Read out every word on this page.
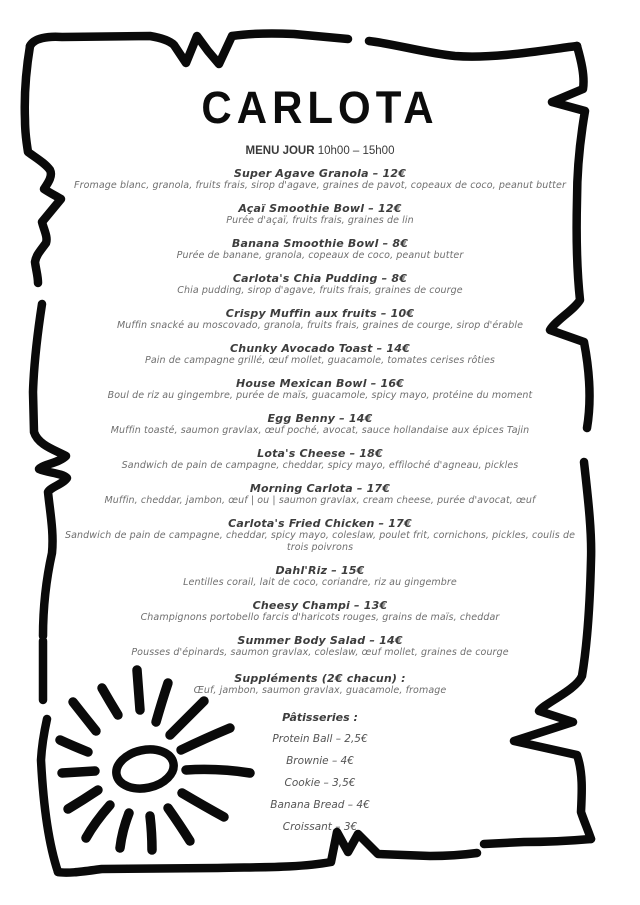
CARLOTA
MENU JOUR 10h00 – 15h00
Super Agave Granola – 12€
Fromage blanc, granola, fruits frais, sirop d'agave, graines de pavot, copeaux de coco, peanut butter
Açaï Smoothie Bowl – 12€
Purée d'açaï, fruits frais, graines de lin
Banana Smoothie Bowl – 8€
Purée de banane, granola, copeaux de coco, peanut butter
Carlota's Chia Pudding – 8€
Chia pudding, sirop d'agave, fruits frais, graines de courge
Crispy Muffin aux fruits – 10€
Muffin snacké au moscovado, granola, fruits frais, graines de courge, sirop d'érable
Chunky Avocado Toast – 14€
Pain de campagne grillé, œuf mollet, guacamole, tomates cerises rôties
House Mexican Bowl – 16€
Boul de riz au gingembre, purée de maïs, guacamole, spicy mayo, protéine du moment
Egg Benny – 14€
Muffin toasté, saumon gravlax, œuf poché, avocat, sauce hollandaise aux épices Tajin
Lota's Cheese – 18€
Sandwich de pain de campagne, cheddar, spicy mayo, effiloché d'agneau, pickles
Morning Carlota – 17€
Muffin, cheddar, jambon, œuf | ou | saumon gravlax, cream cheese, purée d'avocat, œuf
Carlota's Fried Chicken – 17€
Sandwich de pain de campagne, cheddar, spicy mayo, coleslaw, poulet frit, cornichons, pickles, coulis de trois poivrons
Dahl'Riz – 15€
Lentilles corail, lait de coco, coriandre, riz au gingembre
Cheesy Champi – 13€
Champignons portobello farcis d'haricots rouges, grains de maïs, cheddar
Summer Body Salad – 14€
Pousses d'épinards, saumon gravlax, coleslaw, œuf mollet, graines de courge
Suppléments (2€ chacun) :
Œuf, jambon, saumon gravlax, guacamole, fromage
Pâtisseries :
Protein Ball – 2,5€
Brownie – 4€
Cookie – 3,5€
Banana Bread – 4€
Croissant – 3€
